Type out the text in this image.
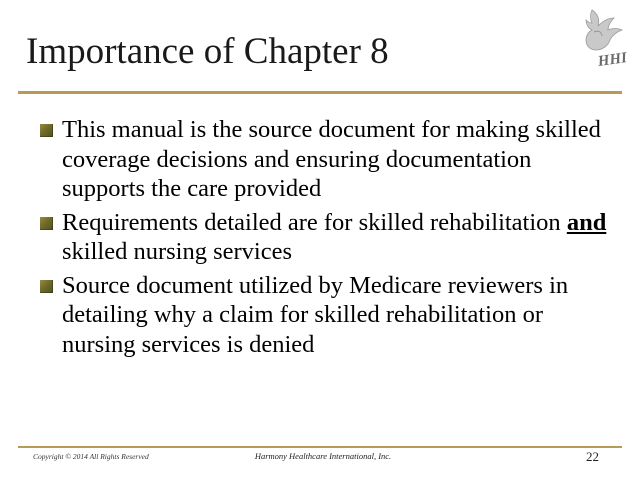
Importance of Chapter 8	HHI
This manual is the source document for making skilled coverage decisions and ensuring documentation supports the care provided
Requirements detailed are for skilled rehabilitation and skilled nursing services
Source document utilized by Medicare reviewers in detailing why a claim for skilled rehabilitation or nursing services is denied
Copyright © 2014 All Rights Reserved	Harmony Healthcare International, Inc.	22
